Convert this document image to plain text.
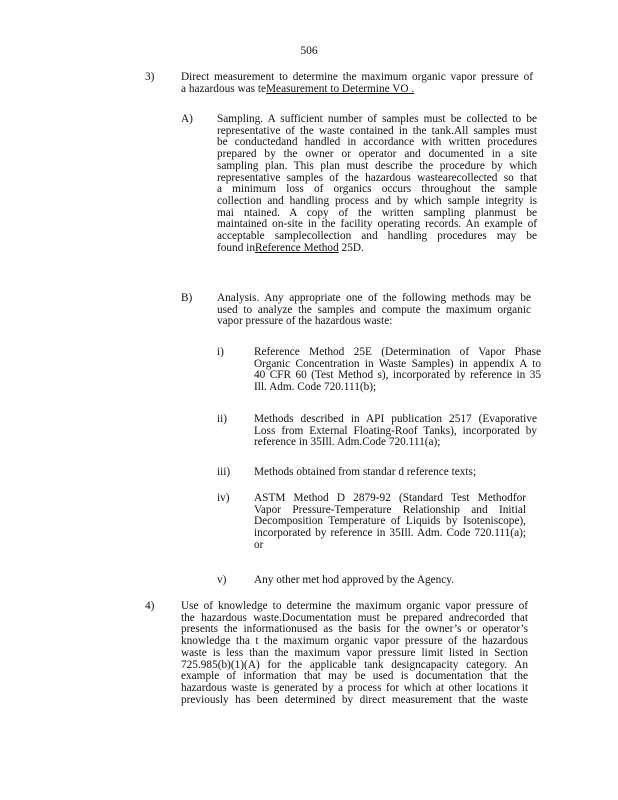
506
3) Direct measurement to determine the maximum organic vapor pressure of
a hazardous was teMeasurement to Determine VO .
A) Sampling. A sufficient number of samples must be collected to be
representative of the waste contained in the tank.All samples must
be conductedand handled in accordance with written procedures
prepared by the owner or operator and documented in a site
sampling plan. This plan must describe the procedure by which
representative samples of the hazardous wastearecollected so that
a minimum loss of organics occurs throughout the sample
collection and handling process and by which sample integrity is
mai ntained. A copy of the written sampling planmust be
maintained on-site in the facility operating records. An example of
acceptable samplecollection and handling procedures may be
found inReference Method 25D.
B) Analysis. Any appropriate one of the following methods may be
used to analyze the samples and compute the maximum organic
vapor pressure of the hazardous waste:
i)	Reference Method 25E (Determination of Vapor Phase
Organic Concentration in Waste Samples) in appendix A to
40 CFR 60 (Test Method s), incorporated by reference in 35
Ill. Adm. Code 720.111(b);
ii) Methods described in API publication 2517 (Evaporative
Loss from External Floating-Roof Tanks), incorporated by
reference in 35Ill. Adm.Code 720.111(a);
iii) Methods obtained from standar d reference texts;
iv) ASTM Method D 2879-92 (Standard Test Methodfor
Vapor Pressure-Temperature Relationship and Initial
Decomposition Temperature of Liquids by Isoteniscope),
incorporated by reference in 35Ill. Adm. Code 720.111(a);
or
v) Any other met hod approved by the Agency.
4) Use of knowledge to determine the maximum organic vapor pressure of
the hazardous waste.Documentation must be prepared andrecorded that
presents the informationused as the basis for the owner’s or operator’s
knowledge tha t the maximum organic vapor pressure of the hazardous
waste is less than the maximum vapor pressure limit listed in Section
725.985(b)(1)(A) for the applicable tank designcapacity category. An
example of information that may be used is documentation that the
hazardous waste is generated by a process for which at other locations it
previously has been determined by direct measurement that the waste
